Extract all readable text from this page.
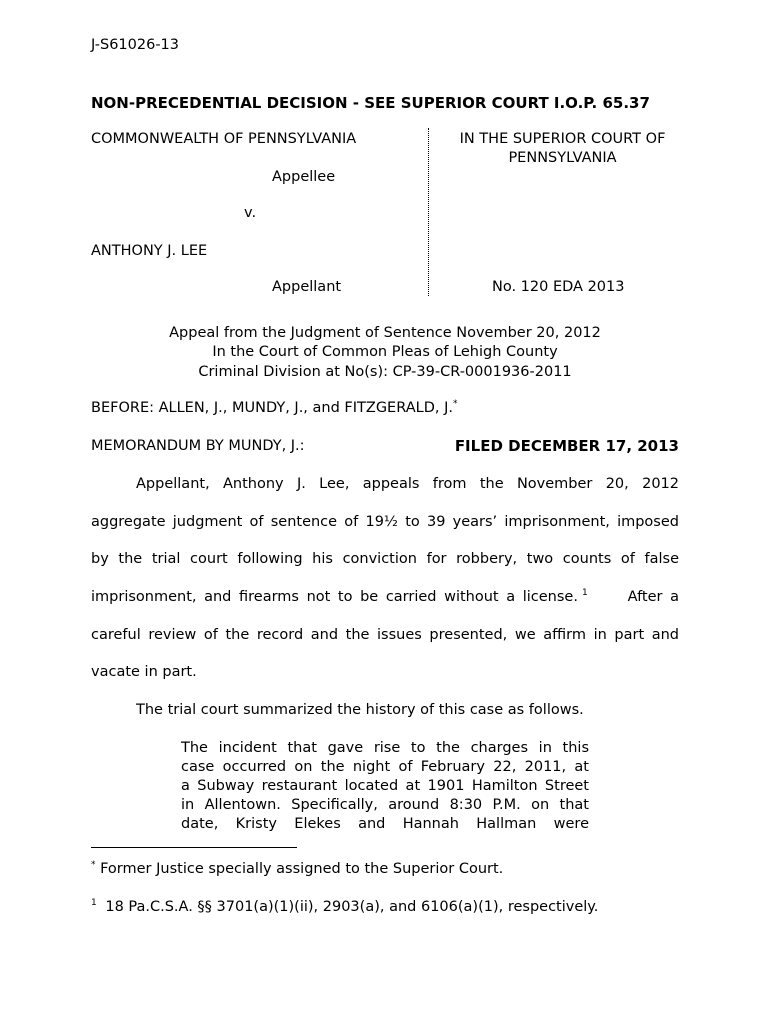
J-S61026-13
NON-PRECEDENTIAL DECISION - SEE SUPERIOR COURT I.O.P. 65.37
COMMONWEALTH OF PENNSYLVANIA
Appellee
v.
ANTHONY J. LEE
Appellant
IN THE SUPERIOR COURT OF
PENNSYLVANIA
No. 120 EDA 2013
Appeal from the Judgment of Sentence November 20, 2012
In the Court of Common Pleas of Lehigh County
Criminal Division at No(s): CP-39-CR-0001936-2011
BEFORE: ALLEN, J., MUNDY, J., and FITZGERALD, J.*
MEMORANDUM BY MUNDY, J.:	FILED DECEMBER 17, 2013
Appellant, Anthony J. Lee, appeals from the November 20, 2012
aggregate judgment of sentence of 19½ to 39 years’ imprisonment, imposed
by the trial court following his conviction for robbery, two counts of false
imprisonment, and firearms not to be carried without a license. $^1$	After a
careful review of the record and the issues presented, we affirm in part and
vacate in part.
The trial court summarized the history of this case as follows.
The incident that gave rise to the charges in this
case occurred on the night of February 22, 2011, at
a Subway restaurant located at 1901 Hamilton Street
in Allentown. Specifically, around 8:30 P.M. on that
date, Kristy Elekes and Hannah Hallman were
* Former Justice specially assigned to the Superior Court.
$^1$ 18 Pa.C.S.A. §§ 3701(a)(1)(ii), 2903(a), and 6106(a)(1), respectively.
